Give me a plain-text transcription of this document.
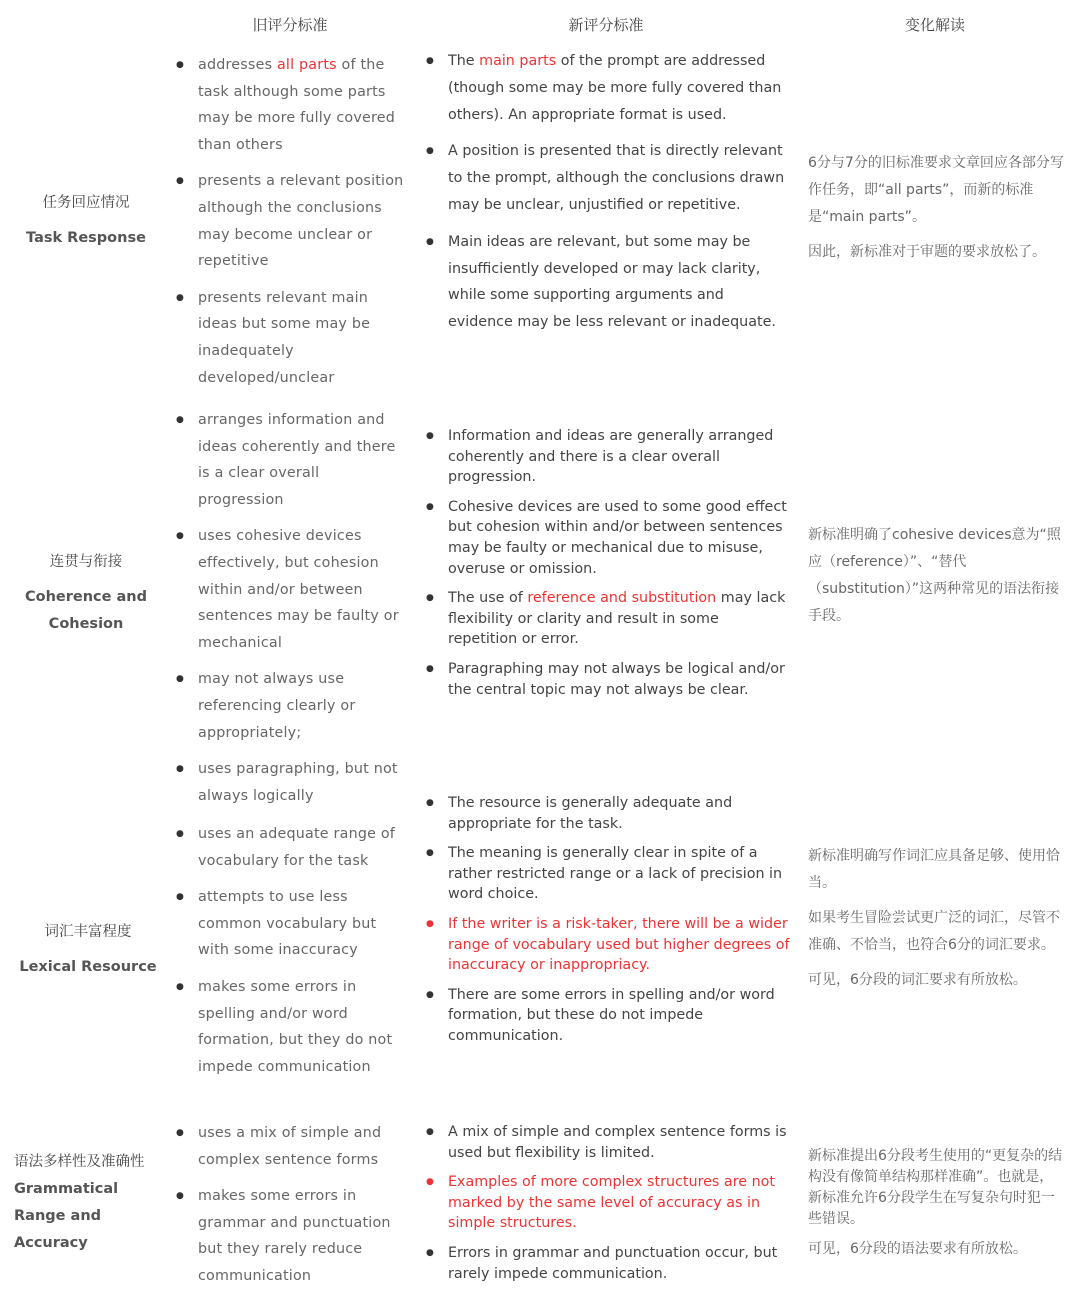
旧评分标准	新评分标准	变化解读
任务回应情况
Task Response
● addresses all parts of the task although some parts may be more fully covered than others
● presents a relevant position although the conclusions may become unclear or repetitive
● presents relevant main ideas but some may be inadequately developed/unclear
● The main parts of the prompt are addressed (though some may be more fully covered than others). An appropriate format is used.
● A position is presented that is directly relevant to the prompt, although the conclusions drawn may be unclear, unjustified or repetitive.
● Main ideas are relevant, but some may be insufficiently developed or may lack clarity, while some supporting arguments and evidence may be less relevant or inadequate.

6分与7分的旧标准要求文章回应各部分写作任务，即“all parts”，而新的标准是“main parts”。

因此，新标准对于审题的要求放松了。

连贯与衔接
Coherence and Cohesion
● arranges information and ideas coherently and there is a clear overall progression
● uses cohesive devices effectively, but cohesion within and/or between sentences may be faulty or mechanical
● may not always use referencing clearly or appropriately;
● uses paragraphing, but not always logically
● Information and ideas are generally arranged coherently and there is a clear overall progression.
● Cohesive devices are used to some good effect but cohesion within and/or between sentences may be faulty or mechanical due to misuse, overuse or omission.
● The use of reference and substitution may lack flexibility or clarity and result in some repetition or error.
● Paragraphing may not always be logical and/or the central topic may not always be clear.

新标准明确了cohesive devices意为“照应（reference）”、“替代（substitution）”这两种常见的语法衔接手段。

词汇丰富程度
Lexical Resource
● uses an adequate range of vocabulary for the task
● attempts to use less common vocabulary but with some inaccuracy
● makes some errors in spelling and/or word formation, but they do not impede communication
● The resource is generally adequate and appropriate for the task.
● The meaning is generally clear in spite of a rather restricted range or a lack of precision in word choice.
● If the writer is a risk-taker, there will be a wider range of vocabulary used but higher degrees of inaccuracy or inappropriacy.
● There are some errors in spelling and/or word formation, but these do not impede communication.

新标准明确写作词汇应具备足够、使用恰当。

如果考生冒险尝试更广泛的词汇，尽管不准确、不恰当，也符合6分的词汇要求。

可见，6分段的词汇要求有所放松。

语法多样性及准确性 Grammatical Range and Accuracy
● uses a mix of simple and complex sentence forms
● makes some errors in grammar and punctuation but they rarely reduce communication
● A mix of simple and complex sentence forms is used but flexibility is limited.
● Examples of more complex structures are not marked by the same level of accuracy as in simple structures.
● Errors in grammar and punctuation occur, but rarely impede communication.

新标准提出6分段考生使用的“更复杂的结构没有像简单结构那样准确”。也就是，新标准允许6分段学生在写复杂句时犯一些错误。

可见，6分段的语法要求有所放松。
